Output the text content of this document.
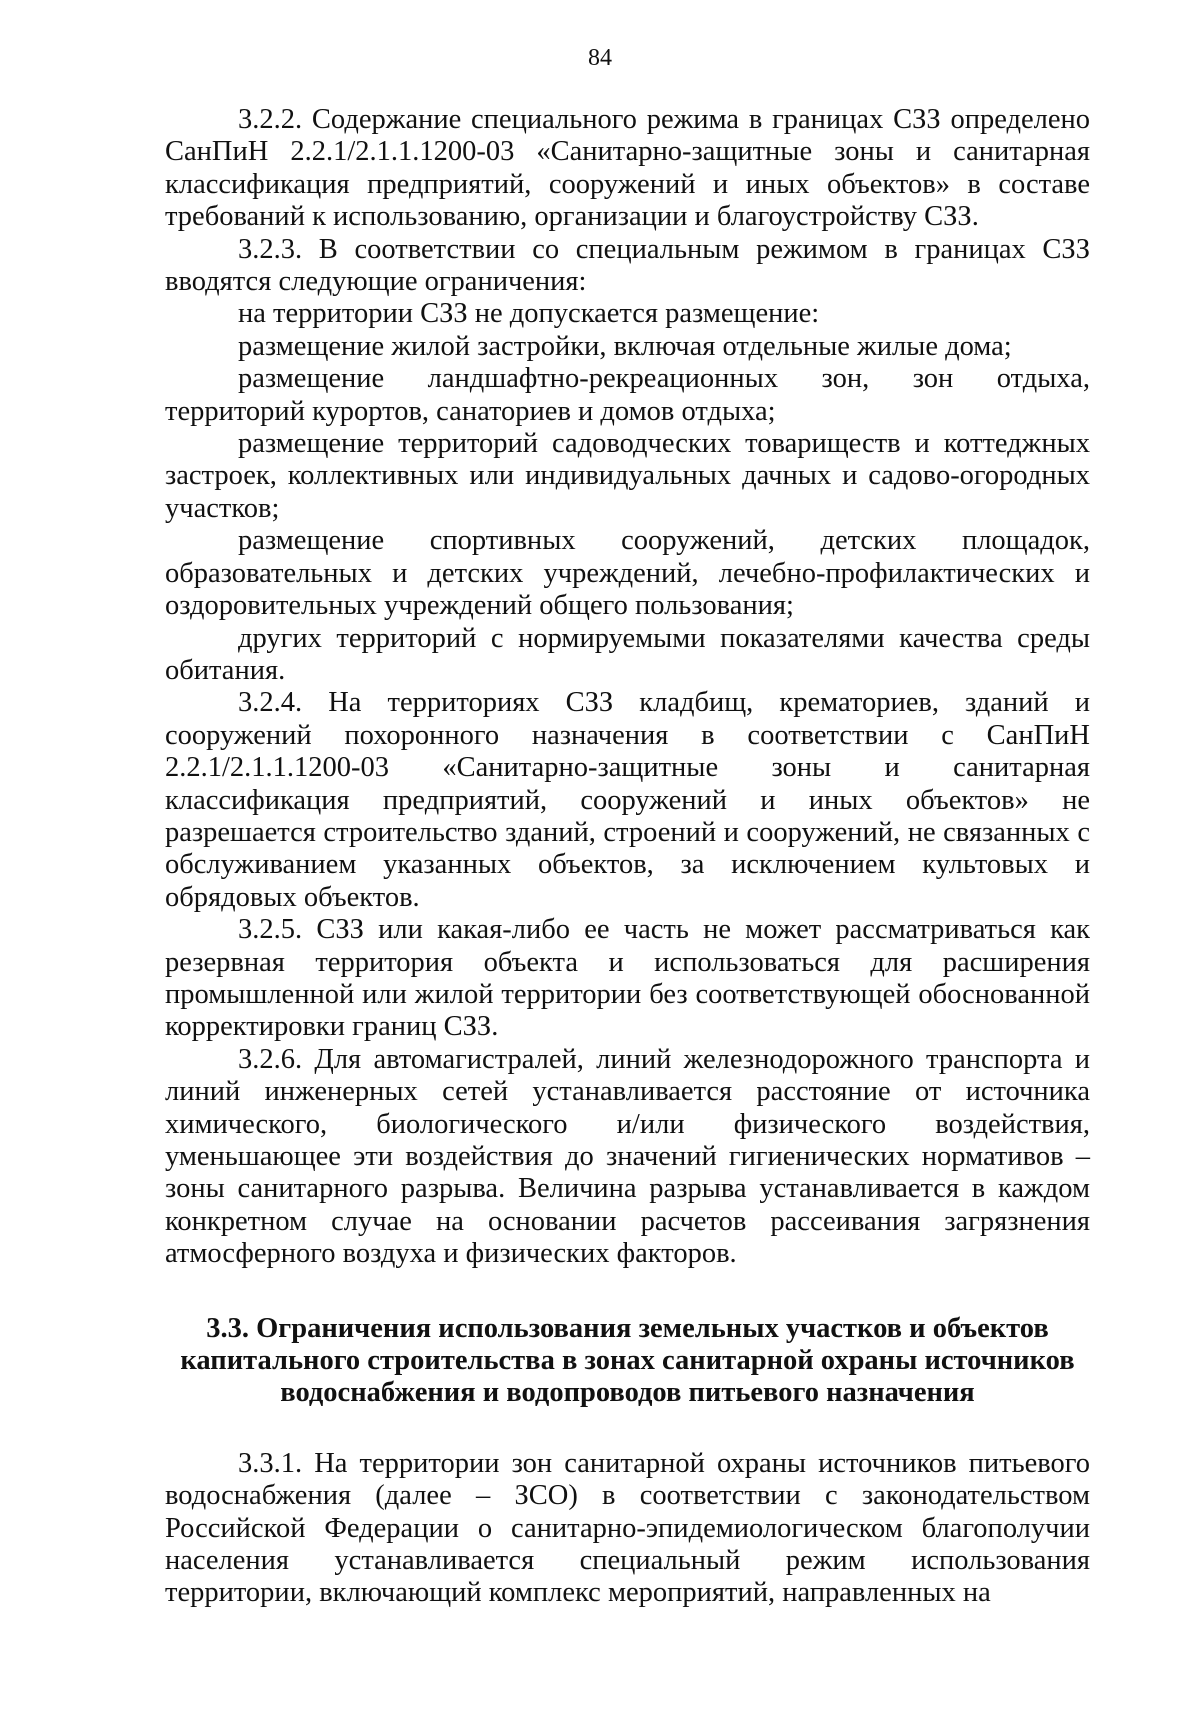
84

3.2.2. Содержание специального режима в границах СЗЗ определено СанПиН 2.2.1/2.1.1.1200-03 «Санитарно-защитные зоны и санитарная классификация предприятий, сооружений и иных объектов» в составе требований к использованию, организации и благоустройству СЗЗ.

3.2.3. В соответствии со специальным режимом в границах СЗЗ вводятся следующие ограничения:

на территории СЗЗ не допускается размещение:

размещение жилой застройки, включая отдельные жилые дома;

размещение ландшафтно-рекреационных зон, зон отдыха, территорий курортов, санаториев и домов отдыха;

размещение территорий садоводческих товариществ и коттеджных застроек, коллективных или индивидуальных дачных и садово-огородных участков;

размещение спортивных сооружений, детских площадок, образовательных и детских учреждений, лечебно-профилактических и оздоровительных учреждений общего пользования;

других территорий с нормируемыми показателями качества среды обитания.

3.2.4. На территориях СЗЗ кладбищ, крематориев, зданий и сооружений похоронного назначения в соответствии с СанПиН 2.2.1/2.1.1.1200-03 «Санитарно-защитные зоны и санитарная классификация предприятий, сооружений и иных объектов» не разрешается строительство зданий, строений и сооружений, не связанных с обслуживанием указанных объектов, за исключением культовых и обрядовых объектов.

3.2.5. СЗЗ или какая-либо ее часть не может рассматриваться как резервная территория объекта и использоваться для расширения промышленной или жилой территории без соответствующей обоснованной корректировки границ СЗЗ.

3.2.6. Для автомагистралей, линий железнодорожного транспорта и линий инженерных сетей устанавливается расстояние от источника химического, биологического и/или физического воздействия, уменьшающее эти воздействия до значений гигиенических нормативов – зоны санитарного разрыва. Величина разрыва устанавливается в каждом конкретном случае на основании расчетов рассеивания загрязнения атмосферного воздуха и физических факторов.

3.3. Ограничения использования земельных участков и объектов
капитального строительства в зонах санитарной охраны источников
водоснабжения и водопроводов питьевого назначения

3.3.1. На территории зон санитарной охраны источников питьевого водоснабжения (далее – ЗСО) в соответствии с законодательством Российской Федерации о санитарно-эпидемиологическом благополучии населения устанавливается специальный режим использования территории, включающий комплекс мероприятий, направленных на
